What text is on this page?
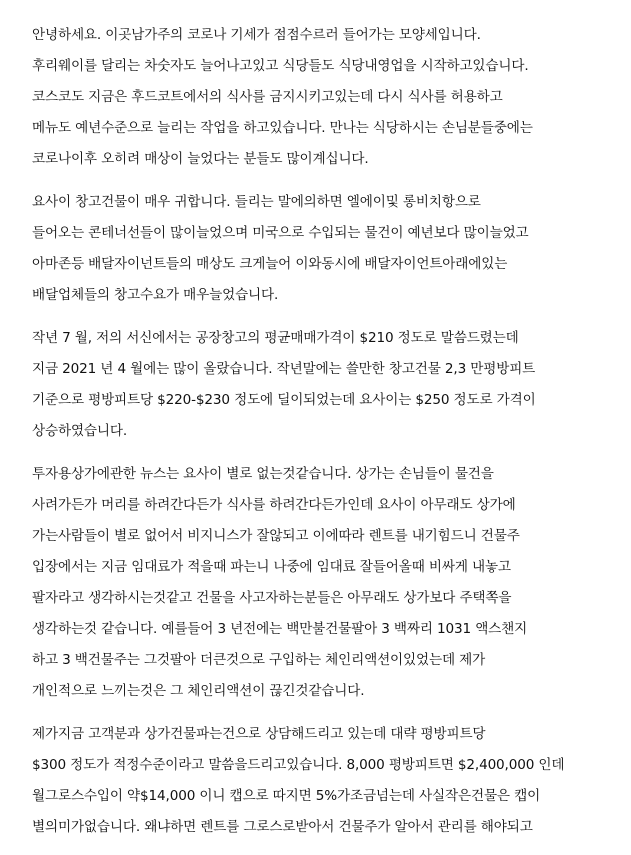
안녕하세요. 이곳남가주의 코로나 기세가 점점수르러 들어가는 모양세입니다.
후리웨이를 달리는 차숫자도 늘어나고있고 식당들도 식당내영업을 시작하고있습니다.
코스코도 지금은 후드코트에서의 식사를 금지시키고있는데 다시 식사를 허용하고
메뉴도 예년수준으로 늘리는 작업을 하고있습니다. 만나는 식당하시는 손님분들중에는
코로나이후 오히려 매상이 늘었다는 분들도 많이계십니다.
요사이 창고건물이 매우 귀합니다. 들리는 말에의하면 엘에이및 롱비치항으로
들어오는 콘테너선들이 많이늘었으며 미국으로 수입되는 물건이 예년보다 많이늘었고
아마존등 배달자이넌트들의 매상도 크게늘어 이와동시에 배달자이언트아래에있는
배달업체들의 창고수요가 매우늘었습니다.
작년 7 월, 저의 서신에서는 공장창고의 평균매매가격이 $210 정도로 말씀드렸는데
지금 2021 년 4 월에는 많이 올랐습니다. 작년말에는 쓸만한 창고건물 2,3 만평방피트
기준으로 평방피트당 $220-$230 정도에 딜이되었는데 요사이는 $250 정도로 가격이
상승하였습니다.
투자용상가에관한 뉴스는 요사이 별로 없는것같습니다. 상가는 손님들이 물건을
사려가든가 머리를 하려간다든가 식사를 하려간다든가인데 요사이 아무래도 상가에
가는사람들이 별로 없어서 비지니스가 잘않되고 이에따라 렌트를 내기힘드니 건물주
입장에서는 지금 임대료가 적을때 파는니 나중에 임대료 잘들어올때 비싸게 내놓고
팔자라고 생각하시는것같고 건물을 사고자하는분들은 아무래도 상가보다 주택쪽을
생각하는것 같습니다. 예를들어 3 년전에는 백만불건물팔아 3 백짜리 1031 액스챈지
하고 3 백건물주는 그것팔아 더큰것으로 구입하는 체인리액션이있었는데 제가
개인적으로 느끼는것은 그 체인리액션이 끊긴것같습니다.
제가지금 고객분과 상가건물파는건으로 상담해드리고 있는데 대략 평방피트당
$300 정도가 적정수준이라고 말씀을드리고있습니다. 8,000 평방피트면 $2,400,000 인데
월그로스수입이 약$14,000 이니 캡으로 따지면 5%가조금넘는데 사실작은건물은 캡이
별의미가없습니다. 왜냐하면 렌트를 그로스로받아서 건물주가 알아서 관리를 해야되고
